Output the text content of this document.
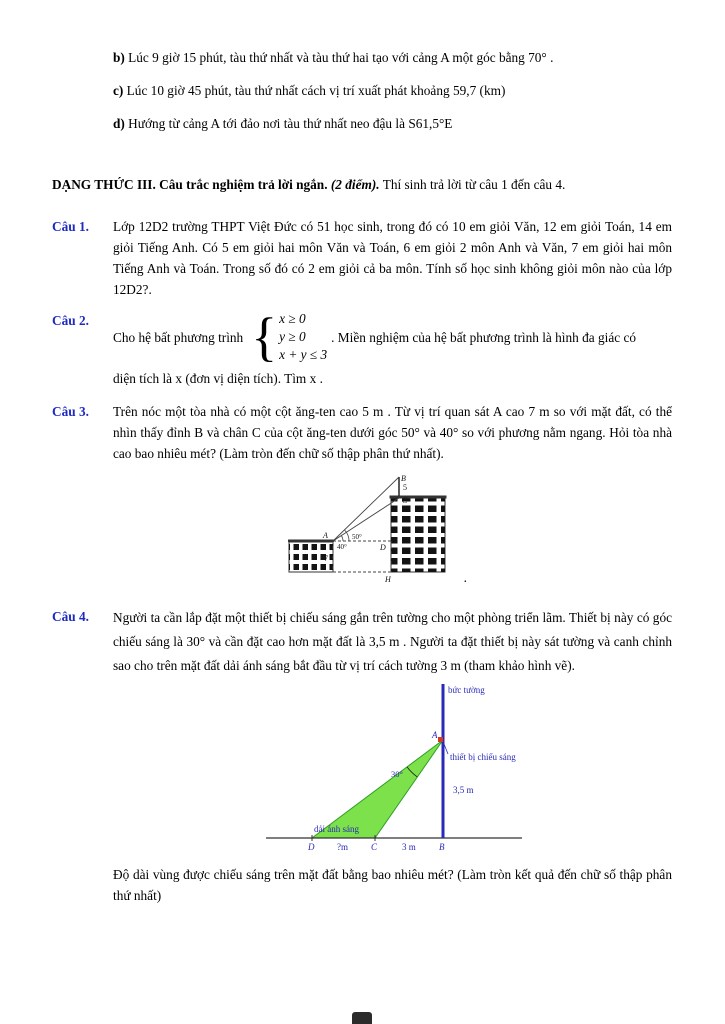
b) Lúc 9 giờ 15 phút, tàu thứ nhất và tàu thứ hai tạo với cảng A một góc bằng 70° .
c) Lúc 10 giờ 45 phút, tàu thứ nhất cách vị trí xuất phát khoảng 59,7 (km)
d) Hướng từ cảng A tới đảo nơi tàu thứ nhất neo đậu là S61,5°E

DẠNG THỨC III. Câu trắc nghiệm trả lời ngắn. (2 điểm). Thí sinh trả lời từ câu 1 đến câu 4.

Câu 1.	Lớp 12D2 trường THPT Việt Đức có 51 học sinh, trong đó có 10 em giỏi Văn, 12 em giỏi Toán, 14 em giỏi Tiếng Anh. Có 5 em giỏi hai môn Văn và Toán, 6 em giỏi 2 môn Anh và Văn, 7 em giỏi hai môn Tiếng Anh và Toán. Trong số đó có 2 em giỏi cả ba môn. Tính số học sinh không giỏi môn nào của lớp 12D2?.

Câu 2.
Cho hệ bất phương trình { x ≥ 0
y ≥ 0
x + y ≤ 3
. Miền nghiệm của hệ bất phương trình là hình đa giác có

diện tích là x (đơn vị diện tích). Tìm x .

Câu 3.	Trên nóc một tòa nhà có một cột ăng-ten cao 5 m . Từ vị trí quan sát A cao 7 m so với mặt đất, có thể nhìn thấy đỉnh B và chân C của cột ăng-ten dưới góc 50° và 40° so với phương nằm ngang. Hỏi tòa nhà cao bao nhiêu mét? (Làm tròn đến chữ số thập phân thứ nhất).

B
5
C
A
40°
50°
7
D
H	.
Câu 4.	Người ta cần lắp đặt một thiết bị chiếu sáng gắn trên tường cho một phòng triển lãm. Thiết bị này có góc chiếu sáng là 30° và cần đặt cao hơn mặt đất là 3,5 m . Người ta đặt thiết bị này sát tường và canh chỉnh sao cho trên mặt đất dải ánh sáng bắt đầu từ vị trí cách tường 3 m (tham khảo hình vẽ).

bức tường
A
thiết bị chiếu sáng
3,5 m
30°
dải ánh sáng
D	?m	C	3 m	B

Độ dài vùng được chiếu sáng trên mặt đất bằng bao nhiêu mét? (Làm tròn kết quả đến chữ số thập phân thứ nhất)
